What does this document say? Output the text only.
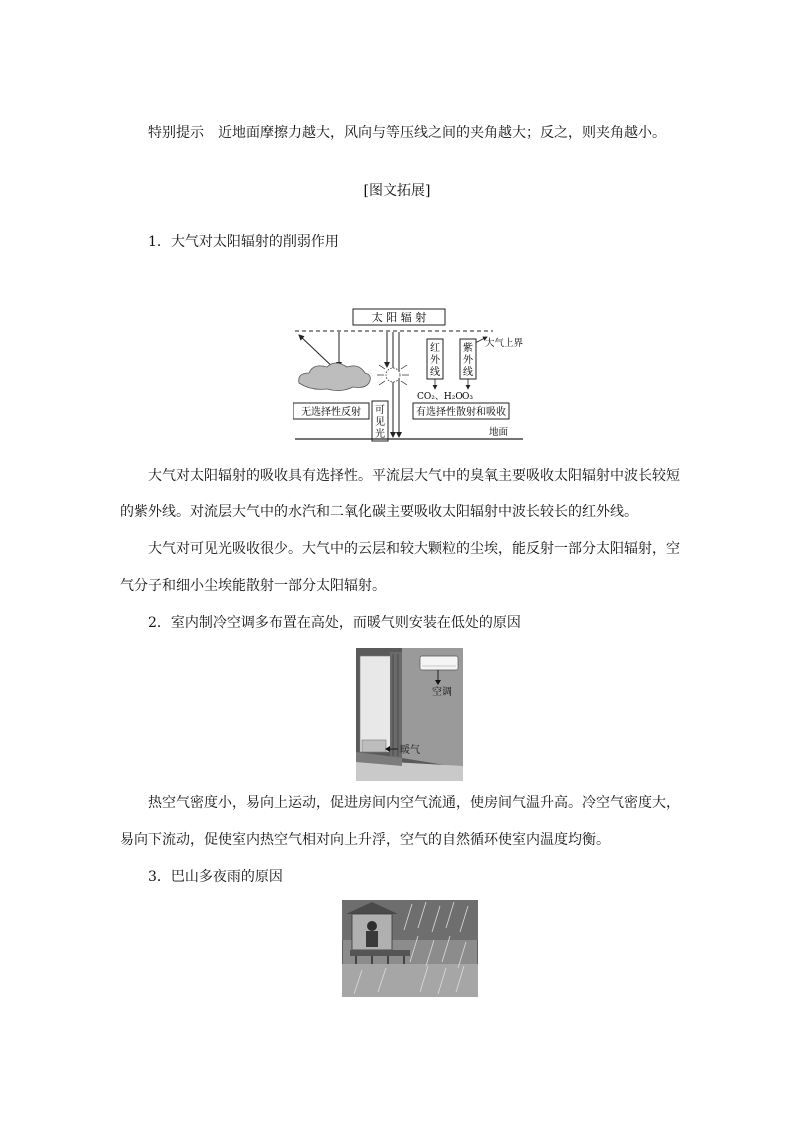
特别提示 近地面摩擦力越大，风向与等压线之间的夹角越大；反之，则夹角越小。
[图文拓展]
1．大气对太阳辐射的削弱作用
太 阳 辐 射
大气上界
红
外
线
紫
外
线
CO₂、H₂O O₃
无选择性反射 可
见
光
有选择性散射和吸收
地面
大气对太阳辐射的吸收具有选择性。平流层大气中的臭氧主要吸收太阳辐射中波长较短
的紫外线。对流层大气中的水汽和二氧化碳主要吸收太阳辐射中波长较长的红外线。
大气对可见光吸收很少。大气中的云层和较大颗粒的尘埃，能反射一部分太阳辐射，空
气分子和细小尘埃能散射一部分太阳辐射。
2．室内制冷空调多布置在高处，而暖气则安装在低处的原因
空调
暖气
热空气密度小，易向上运动，促进房间内空气流通，使房间气温升高。冷空气密度大，
易向下流动，促使室内热空气相对向上升浮，空气的自然循环使室内温度均衡。
3．巴山多夜雨的原因
